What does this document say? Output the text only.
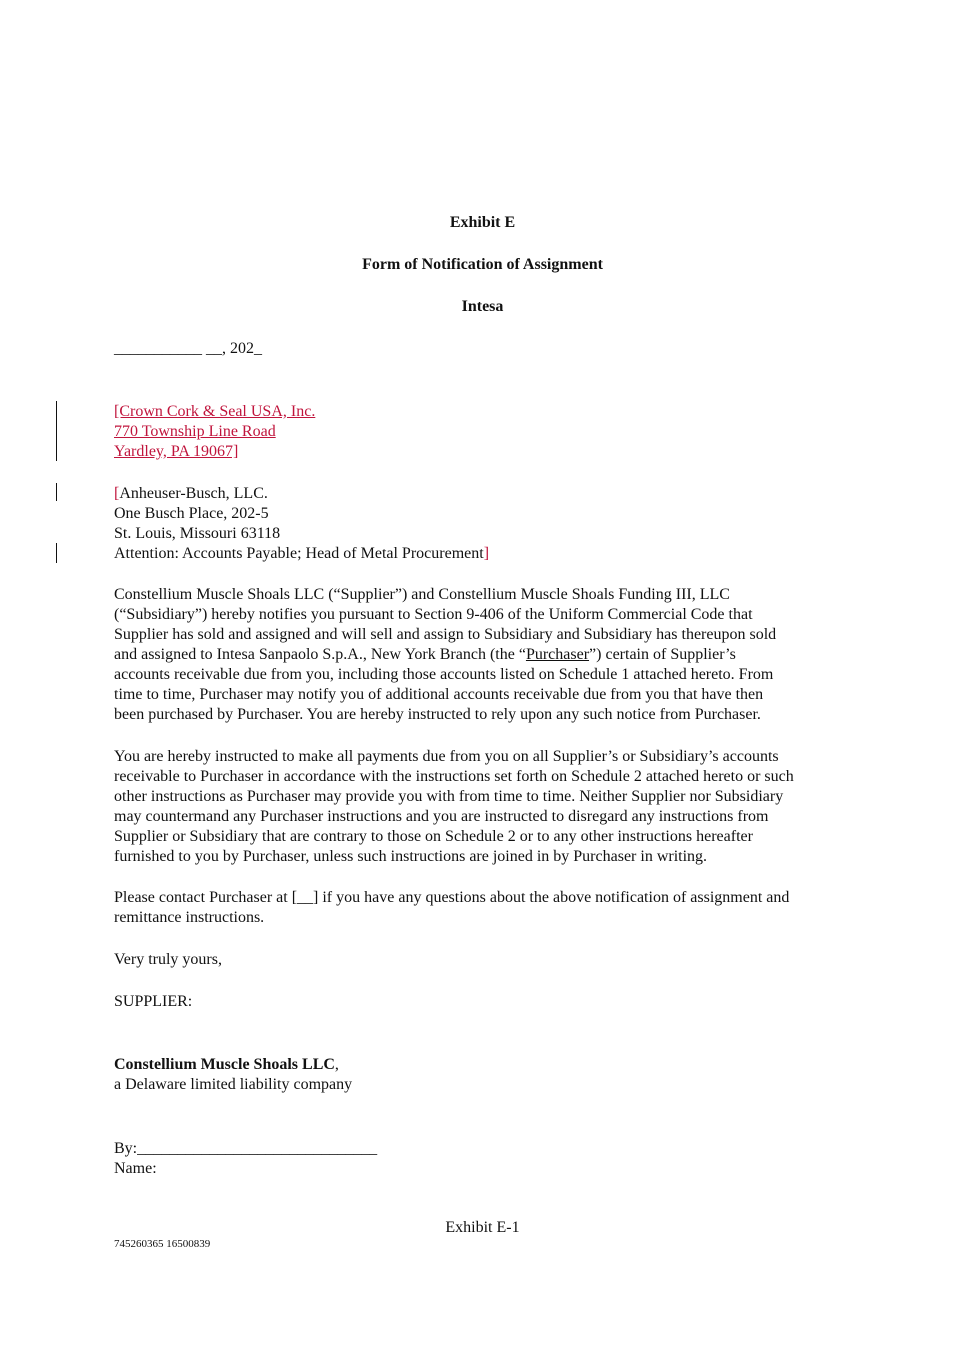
Exhibit E
Form of Notification of Assignment
Intesa
___________ __, 202_
[Crown Cork & Seal USA, Inc.
770 Township Line Road
Yardley, PA 19067]
[Anheuser-Busch, LLC.
One Busch Place, 202-5
St. Louis, Missouri 63118
Attention: Accounts Payable; Head of Metal Procurement]
Constellium Muscle Shoals LLC (“Supplier”) and Constellium Muscle Shoals Funding III, LLC
(“Subsidiary”) hereby notifies you pursuant to Section 9-406 of the Uniform Commercial Code that
Supplier has sold and assigned and will sell and assign to Subsidiary and Subsidiary has thereupon sold
and assigned to Intesa Sanpaolo S.p.A., New York Branch (the “Purchaser”) certain of Supplier’s
accounts receivable due from you, including those accounts listed on Schedule 1 attached hereto. From
time to time, Purchaser may notify you of additional accounts receivable due from you that have then
been purchased by Purchaser. You are hereby instructed to rely upon any such notice from Purchaser.
You are hereby instructed to make all payments due from you on all Supplier’s or Subsidiary’s accounts
receivable to Purchaser in accordance with the instructions set forth on Schedule 2 attached hereto or such
other instructions as Purchaser may provide you with from time to time. Neither Supplier nor Subsidiary
may countermand any Purchaser instructions and you are instructed to disregard any instructions from
Supplier or Subsidiary that are contrary to those on Schedule 2 or to any other instructions hereafter
furnished to you by Purchaser, unless such instructions are joined in by Purchaser in writing.
Please contact Purchaser at [__] if you have any questions about the above notification of assignment and
remittance instructions.
Very truly yours,
SUPPLIER:
Constellium Muscle Shoals LLC,
a Delaware limited liability company
By:______________________________
Name:
Exhibit E-1
745260365 16500839
